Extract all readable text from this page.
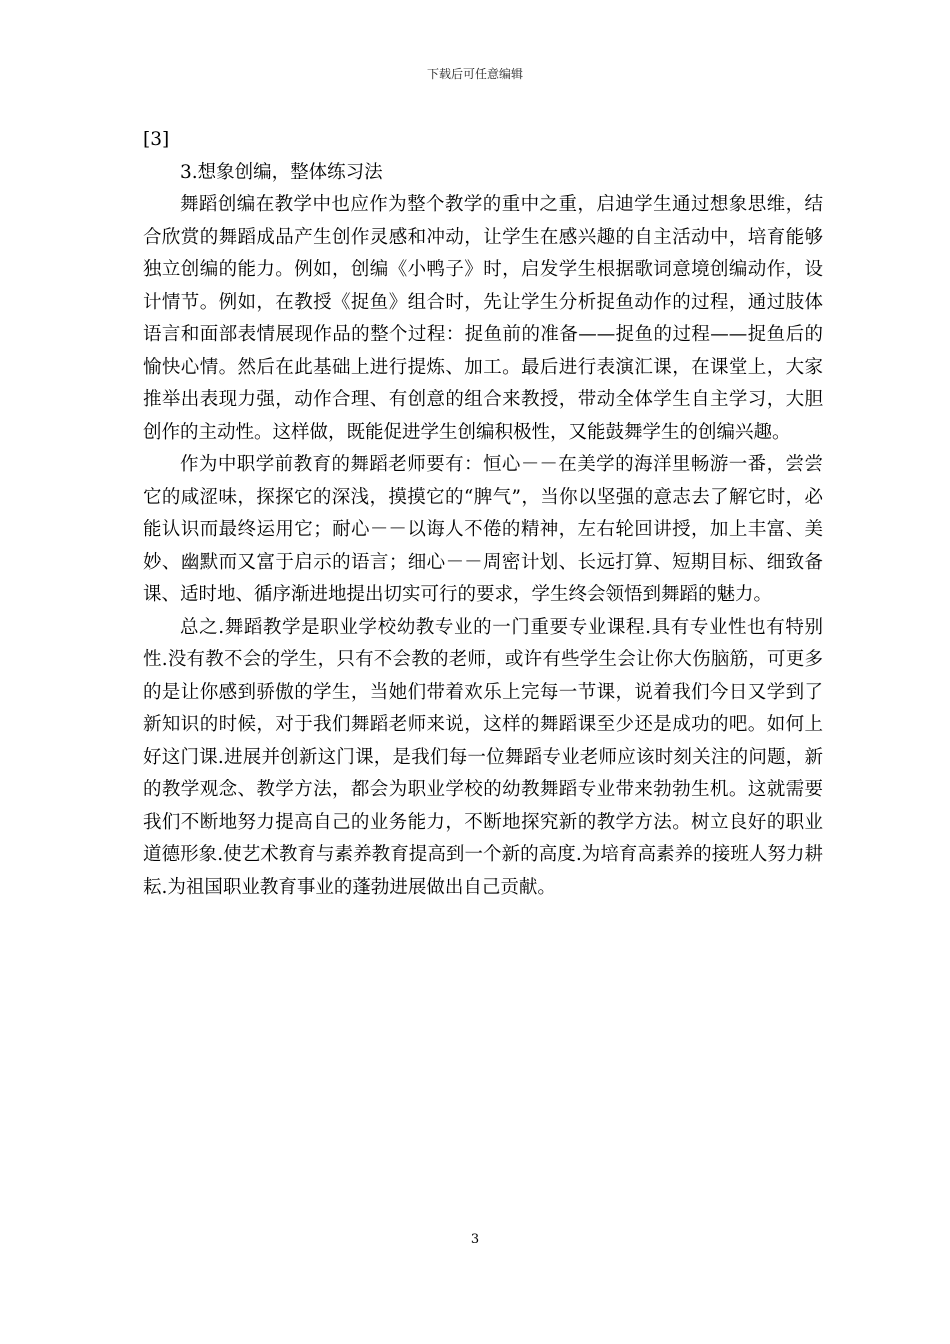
下载后可任意编辑

[3]

3.想象创编，整体练习法

舞蹈创编在教学中也应作为整个教学的重中之重，启迪学生通过想象思维，结合欣赏的舞蹈成品产生创作灵感和冲动，让学生在感兴趣的自主活动中，培育能够独立创编的能力。例如，创编《小鸭子》时，启发学生根据歌词意境创编动作，设计情节。例如，在教授《捉鱼》组合时，先让学生分析捉鱼动作的过程，通过肢体语言和面部表情展现作品的整个过程：捉鱼前的准备——捉鱼的过程——捉鱼后的愉快心情。然后在此基础上进行提炼、加工。最后进行表演汇课，在课堂上，大家推举出表现力强，动作合理、有创意的组合来教授，带动全体学生自主学习，大胆创作的主动性。这样做，既能促进学生创编积极性，又能鼓舞学生的创编兴趣。

作为中职学前教育的舞蹈老师要有：恒心－－在美学的海洋里畅游一番，尝尝它的咸涩味，探探它的深浅，摸摸它的“脾气”，当你以坚强的意志去了解它时，必能认识而最终运用它；耐心－－以诲人不倦的精神，左右轮回讲授，加上丰富、美妙、幽默而又富于启示的语言；细心－－周密计划、长远打算、短期目标、细致备课、适时地、循序渐进地提出切实可行的要求，学生终会领悟到舞蹈的魅力。

总之.舞蹈教学是职业学校幼教专业的一门重要专业课程.具有专业性也有特别性.没有教不会的学生，只有不会教的老师，或许有些学生会让你大伤脑筋，可更多的是让你感到骄傲的学生，当她们带着欢乐上完每一节课，说着我们今日又学到了新知识的时候，对于我们舞蹈老师来说，这样的舞蹈课至少还是成功的吧。如何上好这门课.进展并创新这门课，是我们每一位舞蹈专业老师应该时刻关注的问题，新的教学观念、教学方法，都会为职业学校的幼教舞蹈专业带来勃勃生机。这就需要我们不断地努力提高自己的业务能力，不断地探究新的教学方法。树立良好的职业道德形象.使艺术教育与素养教育提高到一个新的高度.为培育高素养的接班人努力耕耘.为祖国职业教育事业的蓬勃进展做出自己贡献。

3
